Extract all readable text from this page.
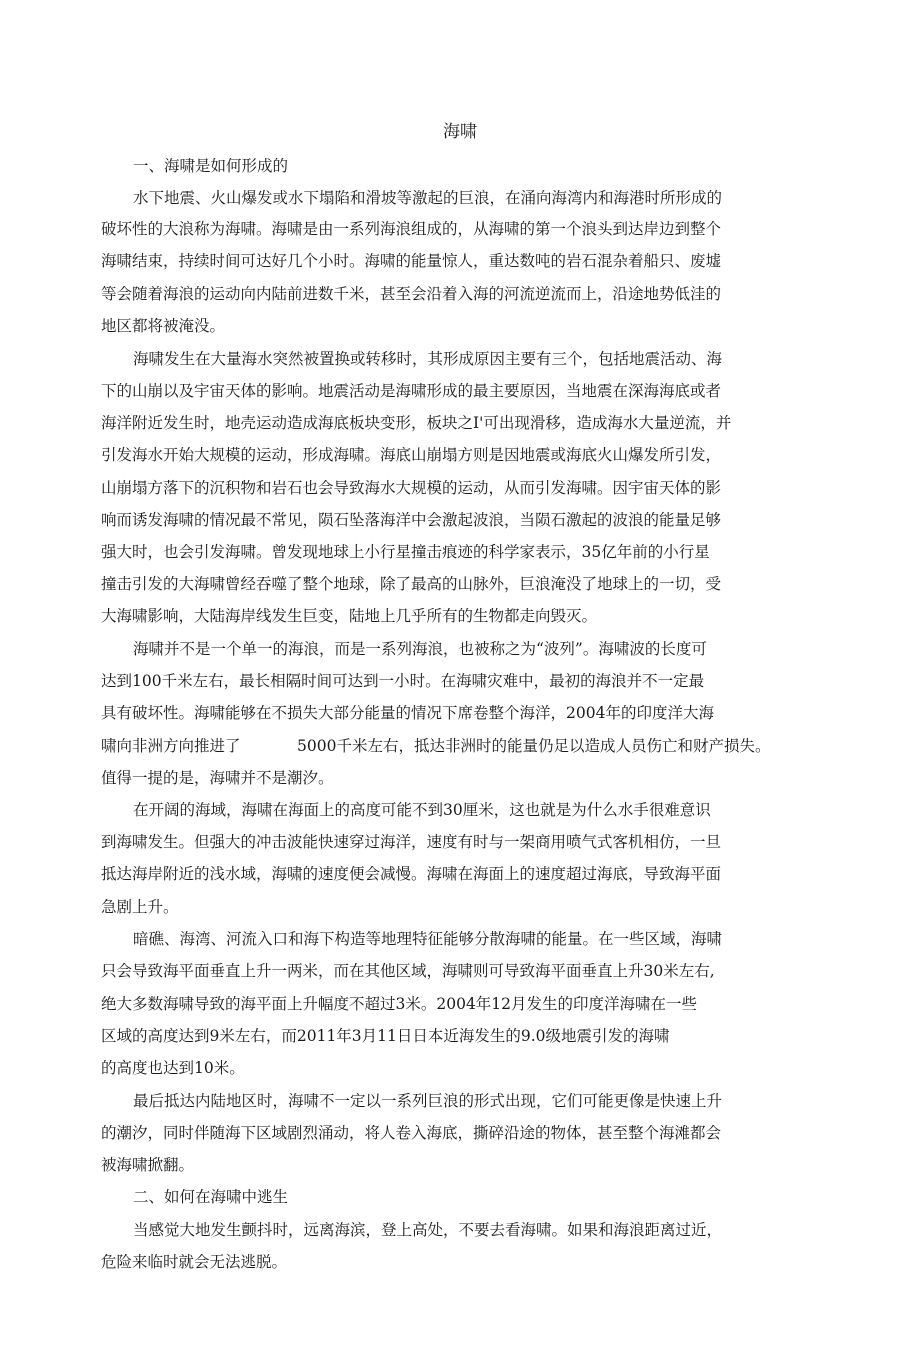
海啸
一、海啸是如何形成的
水下地震、火山爆发或水下塌陷和滑坡等激起的巨浪，在涌向海湾内和海港时所形成的
破坏性的大浪称为海啸。海啸是由一系列海浪组成的，从海啸的第一个浪头到达岸边到整个
海啸结束，持续时间可达好几个小时。海啸的能量惊人，重达数吨的岩石混杂着船只、废墟
等会随着海浪的运动向内陆前进数千米，甚至会沿着入海的河流逆流而上，沿途地势低洼的
地区都将被淹没。
海啸发生在大量海水突然被置换或转移时，其形成原因主要有三个，包括地震活动、海
下的山崩以及宇宙天体的影响。地震活动是海啸形成的最主要原因，当地震在深海海底或者
海洋附近发生时，地壳运动造成海底板块变形，板块之I'可出现滑移，造成海水大量逆流，并
引发海水开始大规模的运动，形成海啸。海底山崩塌方则是因地震或海底火山爆发所引发，
山崩塌方落下的沉积物和岩石也会导致海水大规模的运动，从而引发海啸。因宇宙天体的影
响而诱发海啸的情况最不常见，陨石坠落海洋中会激起波浪，当陨石激起的波浪的能量足够
强大时，也会引发海啸。曾发现地球上小行星撞击痕迹的科学家表示，35亿年前的小行星
撞击引发的大海啸曾经吞噬了整个地球，除了最高的山脉外，巨浪淹没了地球上的一切，受
大海啸影响，大陆海岸线发生巨变，陆地上几乎所有的生物都走向毁灭。
海啸并不是一个单一的海浪，而是一系列海浪，也被称之为“波列”。海啸波的长度可
达到100千米左右，最长相隔时间可达到一小时。在海啸灾难中，最初的海浪并不一定最
具有破坏性。海啸能够在不损失大部分能量的情况下席卷整个海洋，2004年的印度洋大海
啸向非洲方向推进了	5000千米左右，抵达非洲时的能量仍足以造成人员伤亡和财产损失。
值得一提的是，海啸并不是潮汐。
在开阔的海域，海啸在海面上的高度可能不到30厘米，这也就是为什么水手很难意识
到海啸发生。但强大的冲击波能快速穿过海洋，速度有时与一架商用喷气式客机相仿，一旦
抵达海岸附近的浅水域，海啸的速度便会减慢。海啸在海面上的速度超过海底，导致海平面
急剧上升。
暗礁、海湾、河流入口和海下构造等地理特征能够分散海啸的能量。在一些区域，海啸
只会导致海平面垂直上升一两米，而在其他区域，海啸则可导致海平面垂直上升30米左右,
绝大多数海啸导致的海平面上升幅度不超过3米。2004年12月发生的印度洋海啸在一些
区域的高度达到9米左右，而2011年3月11日日本近海发生的9.0级地震引发的海啸
的高度也达到10米。
最后抵达内陆地区时，海啸不一定以一系列巨浪的形式出现，它们可能更像是快速上升
的潮汐，同时伴随海下区域剧烈涌动，将人卷入海底，撕碎沿途的物体，甚至整个海滩都会
被海啸掀翻。
二、如何在海啸中逃生
当感觉大地发生颤抖时，远离海滨，登上高处，不要去看海啸。如果和海浪距离过近，
危险来临时就会无法逃脱。
